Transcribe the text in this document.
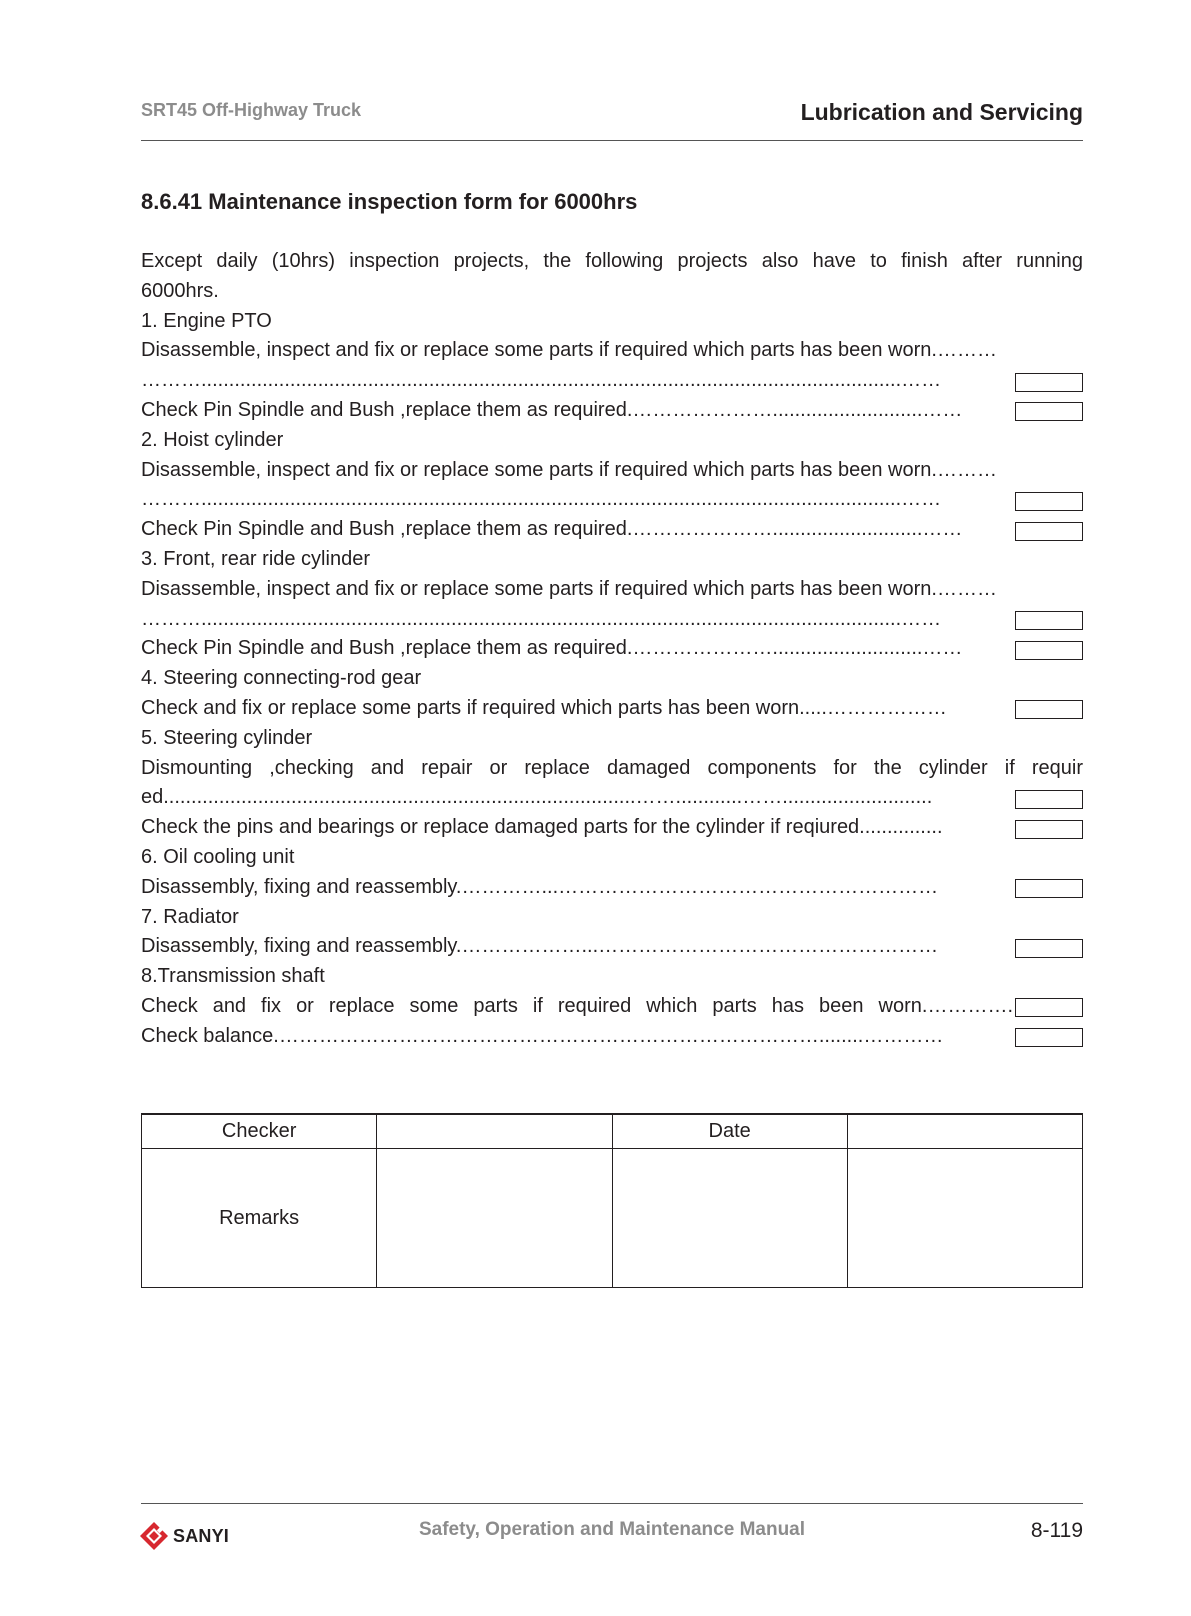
SRT45 Off-Highway Truck	Lubrication and Servicing
8.6.41 Maintenance inspection form for 6000hrs
Except daily (10hrs) inspection projects, the following projects also have to finish after running
6000hrs.
1. Engine PTO
Disassemble, inspect and fix or replace some parts if required which parts has been worn.………
………..............................................................................................................................……
Check Pin Spindle and Bush ,replace them as required.…………………...........................……
2. Hoist cylinder
Disassemble, inspect and fix or replace some parts if required which parts has been worn.………
………..............................................................................................................................……
Check Pin Spindle and Bush ,replace them as required.…………………...........................……
3. Front, rear ride cylinder
Disassemble, inspect and fix or replace some parts if required which parts has been worn.………
………..............................................................................................................................……
Check Pin Spindle and Bush ,replace them as required.…………………...........................……
4. Steering connecting-rod gear
Check and fix or replace some parts if required which parts has been worn.....………………
5. Steering cylinder
Dismounting ,checking and repair or replace damaged components for the cylinder if requir
ed.....................................................................................……............……...........................
Check the pins and bearings or replace damaged parts for the cylinder if reqiured...............
6. Oil cooling unit
Disassembly, fixing and reassembly.…………...…………………………………………………
7. Radiator
Disassembly, fixing and reassembly.………………...……………………………………………
8.Transmission shaft
Check and fix or replace some parts if required which parts has been worn.………….
Check balance.………………………………………………………………………........…………
Checker		Date	
Remarks			
SANYI	Safety, Operation and Maintenance Manual	8-119
